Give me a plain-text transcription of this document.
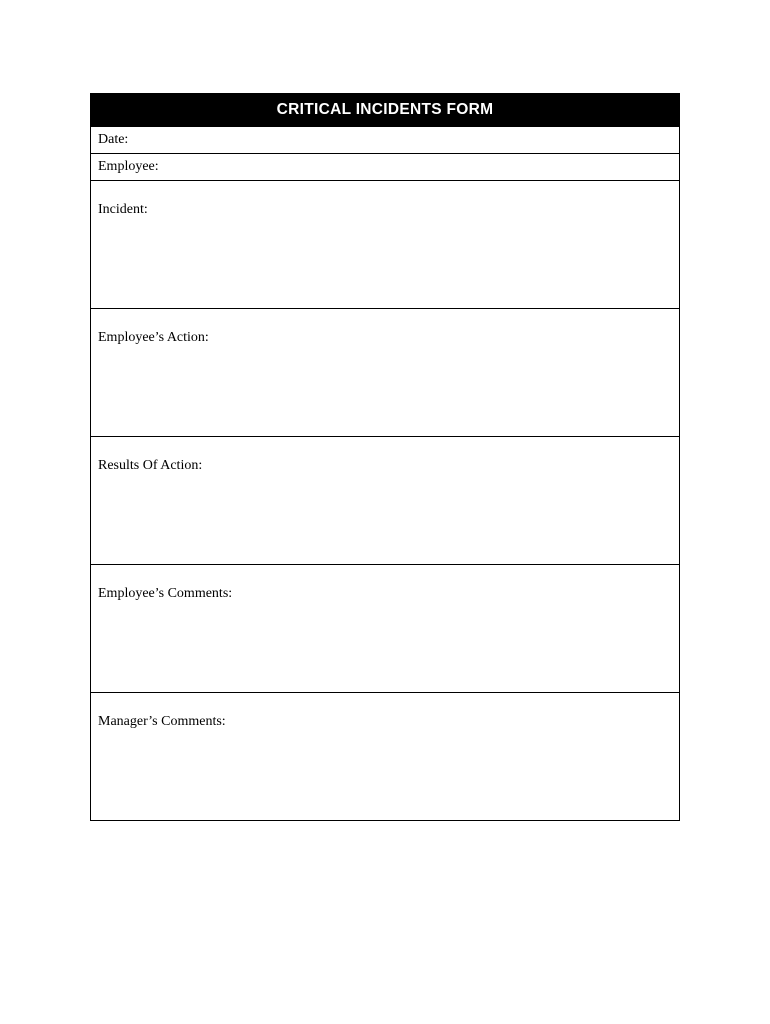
CRITICAL INCIDENTS FORM
Date:
Employee:
Incident:
Employee’s Action:
Results Of Action:
Employee’s Comments:
Manager’s Comments:
